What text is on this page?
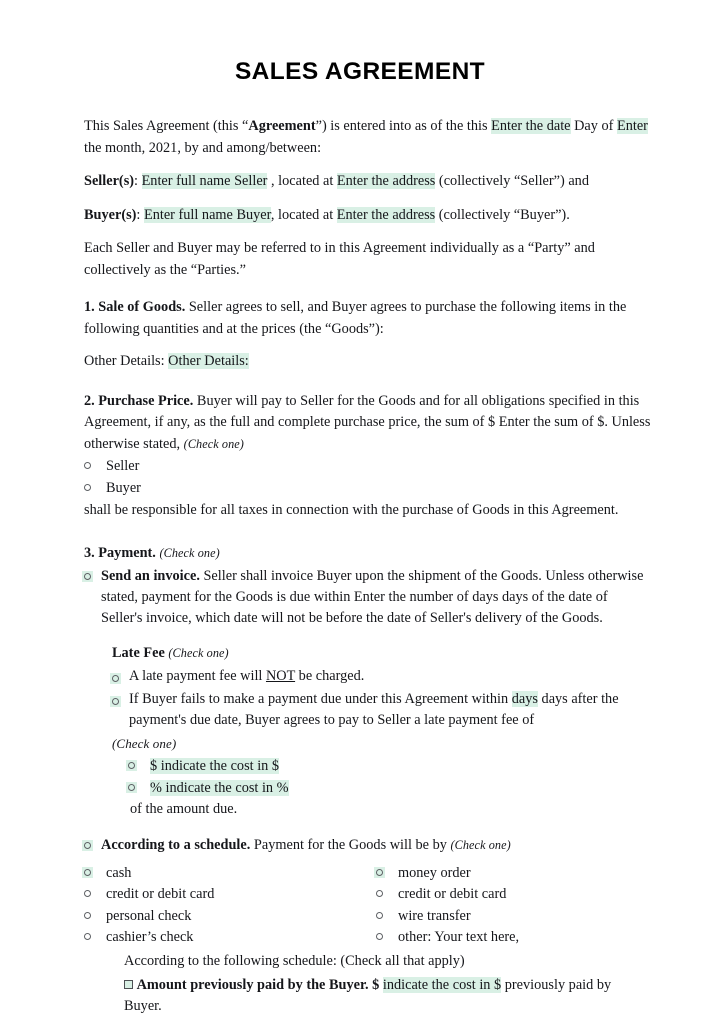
SALES AGREEMENT

This Sales Agreement (this “Agreement”) is entered into as of the this Enter the date Day of Enter
the month, 2021, by and among/between:

Seller(s): Enter full name Seller , located at Enter the address (collectively “Seller”) and

Buyer(s): Enter full name Buyer, located at Enter the address (collectively “Buyer”).

Each Seller and Buyer may be referred to in this Agreement individually as a “Party” and collectively as the “Parties.”

1. Sale of Goods. Seller agrees to sell, and Buyer agrees to purchase the following items in the following quantities and at the prices (the “Goods”):

Other Details: Other Details:

2. Purchase Price. Buyer will pay to Seller for the Goods and for all obligations specified in this Agreement, if any, as the full and complete purchase price, the sum of $ Enter the sum of $. Unless otherwise stated, (Check one)

Seller
Buyer

shall be responsible for all taxes in connection with the purchase of Goods in this Agreement.

3. Payment. (Check one)

Send an invoice. Seller shall invoice Buyer upon the shipment of the Goods. Unless otherwise stated, payment for the Goods is due within Enter the number of days days of the date of Seller's invoice, which date will not be before the date of Seller's delivery of the Goods.

Late Fee (Check one)

A late payment fee will NOT be charged.
If Buyer fails to make a payment due under this Agreement within days days after the payment's due date, Buyer agrees to pay to Seller a late payment fee of

(Check one)

$ indicate the cost in $
% indicate the cost in %

of the amount due.

According to a schedule. Payment for the Goods will be by (Check one)
cash
credit or debit card
personal check
cashier’s check
money order
credit or debit card
wire transfer
other: Your text here,

According to the following schedule: (Check all that apply)

Amount previously paid by the Buyer. $ indicate the cost in $ previously paid by Buyer.
